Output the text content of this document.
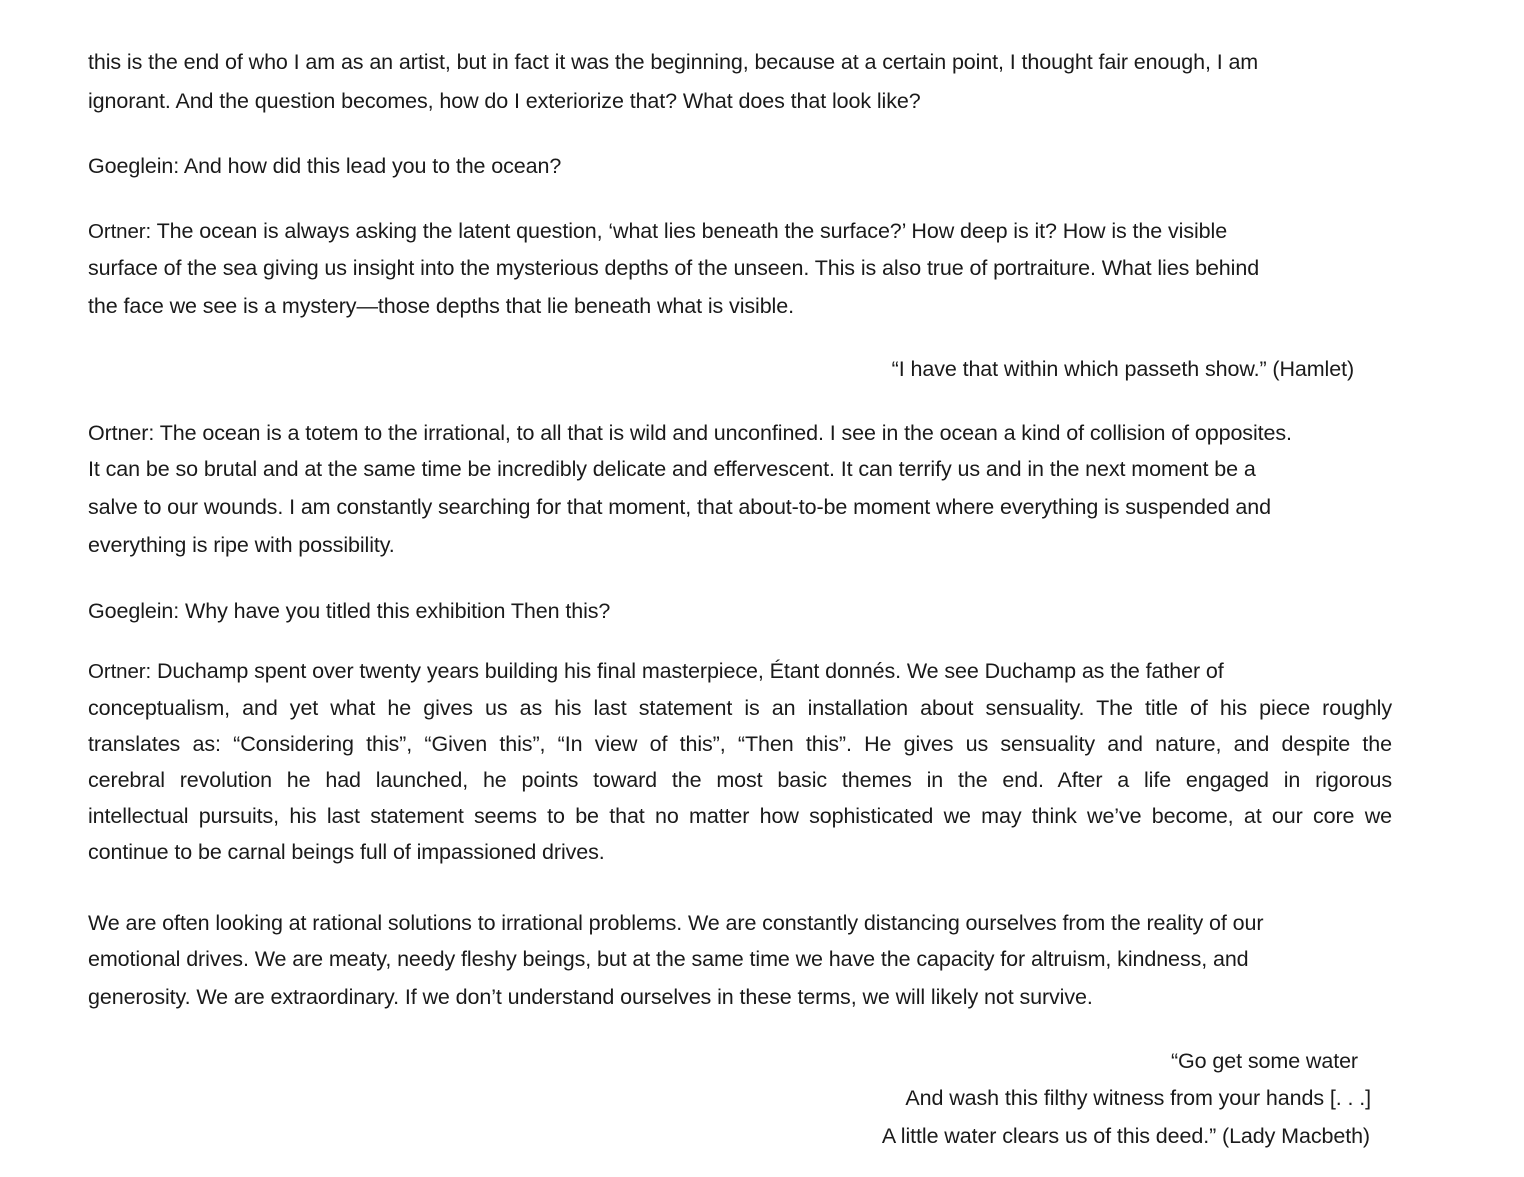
this is the end of who I am as an artist, but in fact it was the beginning, because at a certain point, I thought fair enough, I am
ignorant. And the question becomes, how do I exteriorize that? What does that look like?
Goeglein: And how did this lead you to the ocean?
Ortner: The ocean is always asking the latent question, ‘what lies beneath the surface?’ How deep is it? How is the visible
surface of the sea giving us insight into the mysterious depths of the unseen. This is also true of portraiture. What lies behind
the face we see is a mystery—those depths that lie beneath what is visible.
“I have that within which passeth show.” (Hamlet)
Ortner: The ocean is a totem to the irrational, to all that is wild and unconfined. I see in the ocean a kind of collision of opposites.
It can be so brutal and at the same time be incredibly delicate and effervescent. It can terrify us and in the next moment be a
salve to our wounds. I am constantly searching for that moment, that about-to-be moment where everything is suspended and
everything is ripe with possibility.
Goeglein: Why have you titled this exhibition Then this?
Ortner: Duchamp spent over twenty years building his final masterpiece, Étant donnés. We see Duchamp as the father of
conceptualism, and yet what he gives us as his last statement is an installation about sensuality. The title of his piece roughly
translates as: “Considering this”, “Given this”, “In view of this”, “Then this”. He gives us sensuality and nature, and despite the
cerebral revolution he had launched, he points toward the most basic themes in the end. After a life engaged in rigorous
intellectual pursuits, his last statement seems to be that no matter how sophisticated we may think we’ve become, at our core we
continue to be carnal beings full of impassioned drives.
We are often looking at rational solutions to irrational problems. We are constantly distancing ourselves from the reality of our
emotional drives. We are meaty, needy fleshy beings, but at the same time we have the capacity for altruism, kindness, and
generosity. We are extraordinary. If we don’t understand ourselves in these terms, we will likely not survive.
“Go get some water
And wash this filthy witness from your hands [. . .]
A little water clears us of this deed.” (Lady Macbeth)
